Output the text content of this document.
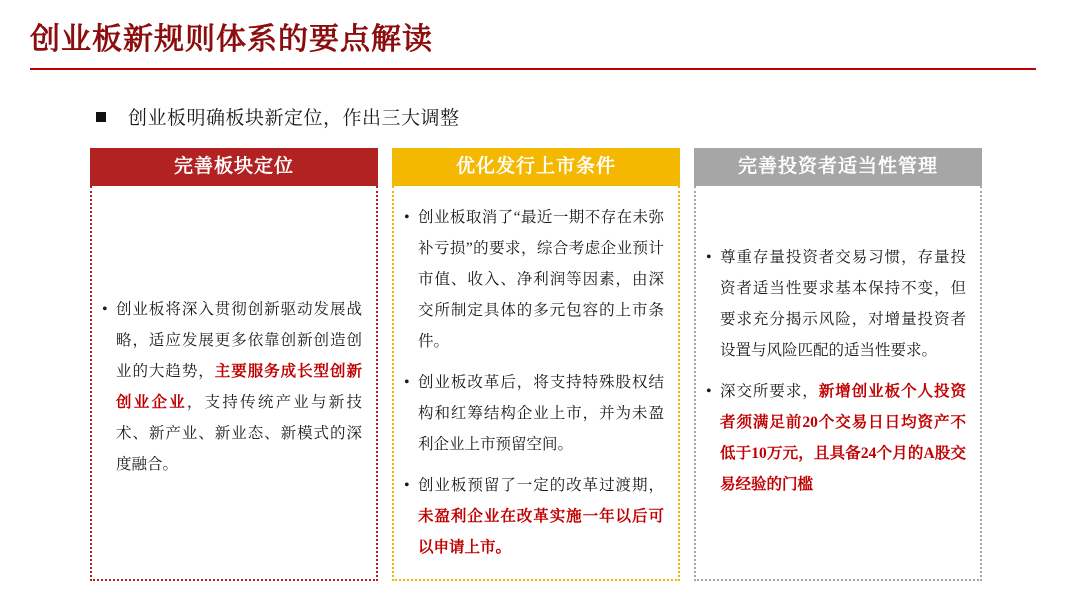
创业板新规则体系的要点解读
创业板明确板块新定位，作出三大调整
完善板块定位
• 创业板将深入贯彻创新驱动发展战略，适应发展更多依靠创新创造创业的大趋势，主要服务成长型创新创业企业，支持传统产业与新技术、新产业、新业态、新模式的深度融合。
优化发行上市条件
• 创业板取消了“最近一期不存在未弥补亏损”的要求，综合考虑企业预计市值、收入、净利润等因素，由深交所制定具体的多元包容的上市条件。
• 创业板改革后，将支持特殊股权结构和红筹结构企业上市，并为未盈利企业上市预留空间。
• 创业板预留了一定的改革过渡期，未盈利企业在改革实施一年以后可以申请上市。
完善投资者适当性管理
• 尊重存量投资者交易习惯，存量投资者适当性要求基本保持不变，但要求充分揭示风险，对增量投资者设置与风险匹配的适当性要求。
• 深交所要求，新增创业板个人投资者须满足前20个交易日日均资产不低于10万元，且具备24个月的A股交易经验的门槛
